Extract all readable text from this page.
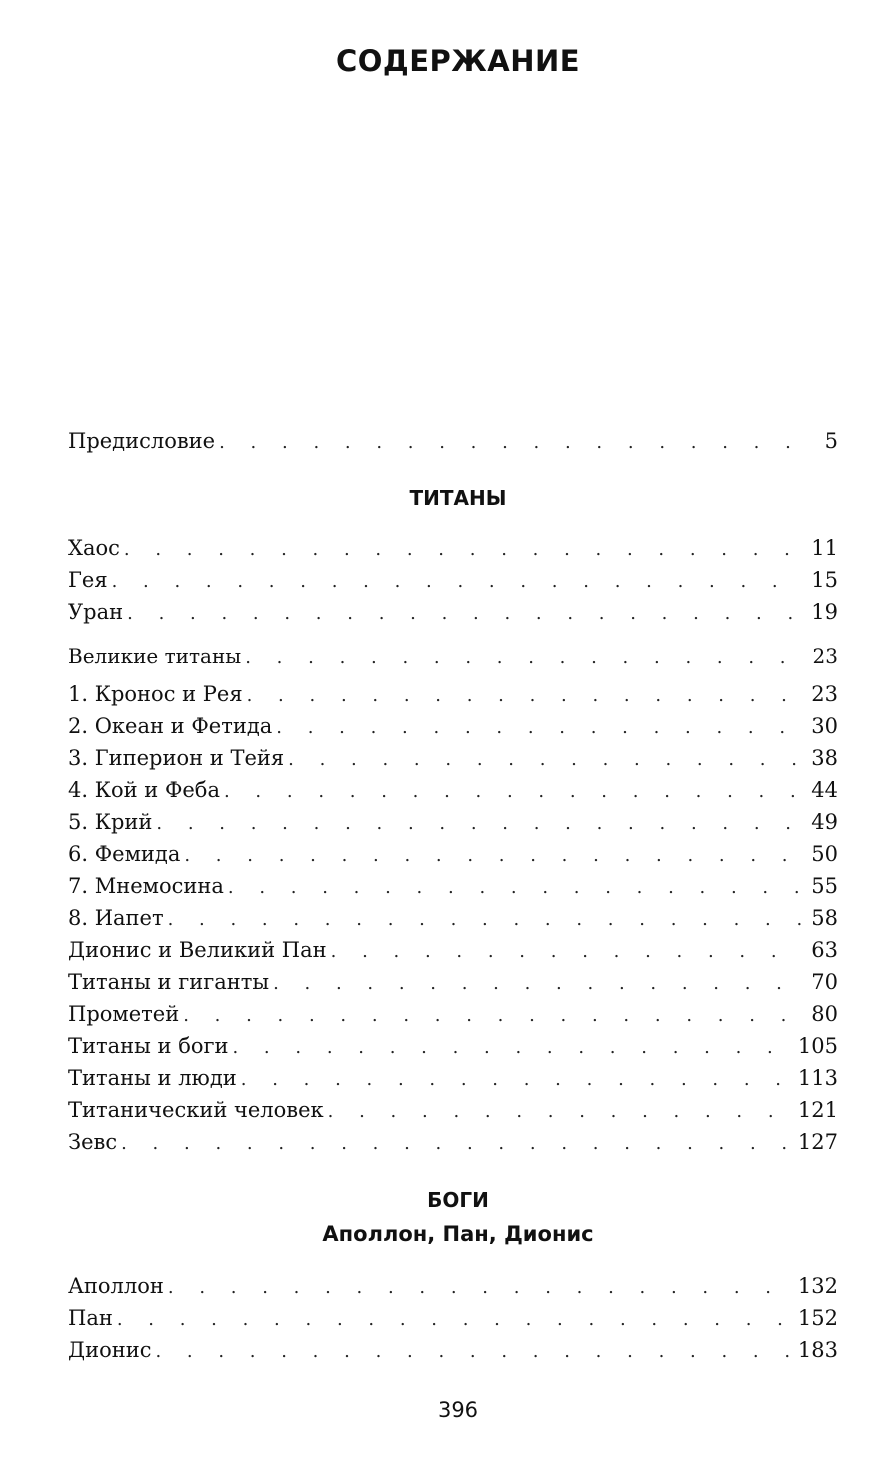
СОДЕРЖАНИЕ
Предисловие . . .	5
ТИТАНЫ
Хаос . . .	11
Гея . . .	15
Уран . . .	19
Великие титаны . . .	23
1. Кронос и Рея . . .	23
2. Океан и Фетида . . .	30
3. Гиперион и Тейя . . .	38
4. Кой и Феба . . .	44
5. Крий . . .	49
6. Фемида . . .	50
7. Мнемосина . . .	55
8. Иапет . . .	58
Дионис и Великий Пан . . .	63
Титаны и гиганты . . .	70
Прометей . . .	80
Титаны и боги . . .	105
Титаны и люди . . .	113
Титанический человек . . .	121
Зевс . . .	127
БОГИ
Аполлон, Пан, Дионис
Аполлон . . .	132
Пан . . .	152
Дионис . . .	183
396
